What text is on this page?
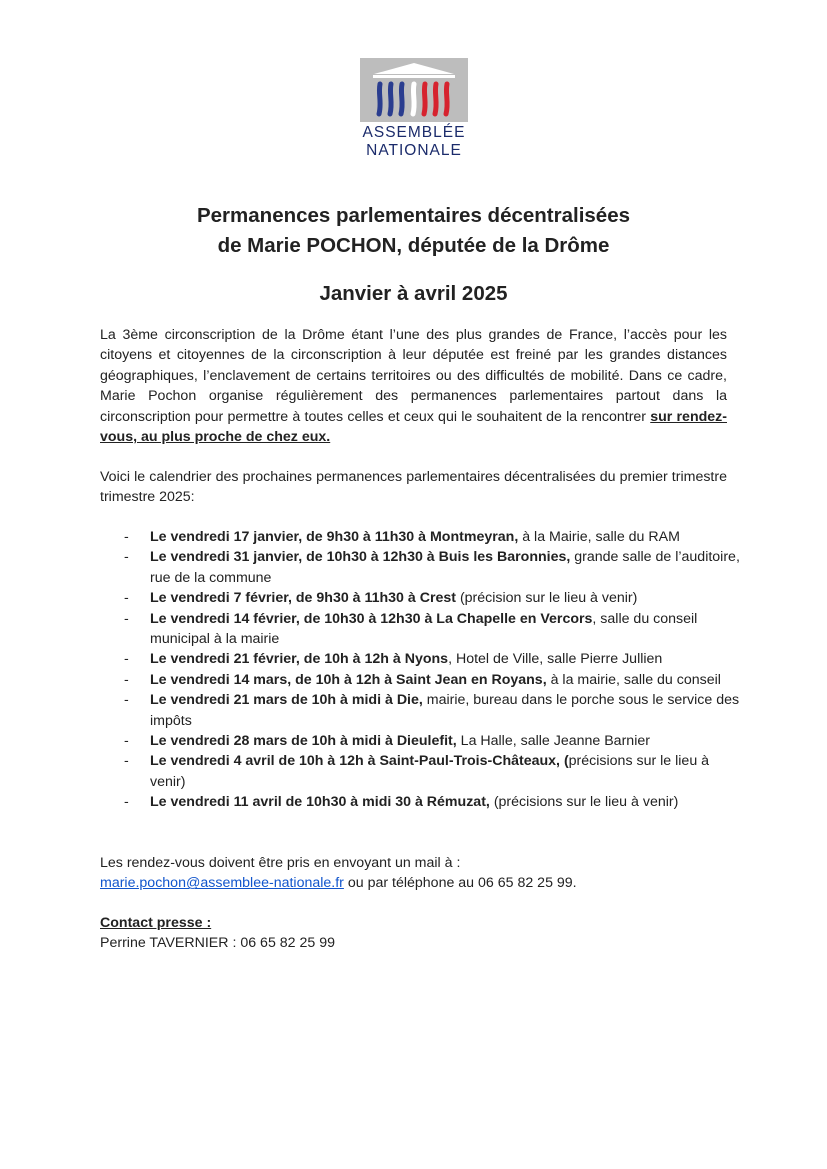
ASSEMBLÉE
NATIONALE
Permanences parlementaires décentralisées
de Marie POCHON, députée de la Drôme
Janvier à avril 2025

La 3ème circonscription de la Drôme étant l’une des plus grandes de France, l’accès pour les citoyens et citoyennes de la circonscription à leur députée est freiné par les grandes distances géographiques, l’enclavement de certains territoires ou des difficultés de mobilité. Dans ce cadre, Marie Pochon organise régulièrement des permanences parlementaires partout dans la circonscription pour permettre à toutes celles et ceux qui le souhaitent de la rencontrer sur rendez-vous, au plus proche de chez eux.

Voici le calendrier des prochaines permanences parlementaires décentralisées du premier trimestre trimestre 2025:

- Le vendredi 17 janvier, de 9h30 à 11h30 à Montmeyran, à la Mairie, salle du RAM
- Le vendredi 31 janvier, de 10h30 à 12h30 à Buis les Baronnies, grande salle de l’auditoire, rue de la commune
- Le vendredi 7 février, de 9h30 à 11h30 à Crest (précision sur le lieu à venir)
- Le vendredi 14 février, de 10h30 à 12h30 à La Chapelle en Vercors, salle du conseil municipal à la mairie
- Le vendredi 21 février, de 10h à 12h à Nyons, Hotel de Ville, salle Pierre Jullien
- Le vendredi 14 mars, de 10h à 12h à Saint Jean en Royans, à la mairie, salle du conseil
- Le vendredi 21 mars de 10h à midi à Die, mairie, bureau dans le porche sous le service des impôts
- Le vendredi 28 mars de 10h à midi à Dieulefit, La Halle, salle Jeanne Barnier
- Le vendredi 4 avril de 10h à 12h à Saint-Paul-Trois-Châteaux, (précisions sur le lieu à venir)
- Le vendredi 11 avril de 10h30 à midi 30 à Rémuzat, (précisions sur le lieu à venir)

Les rendez-vous doivent être pris en envoyant un mail à :
marie.pochon@assemblee-nationale.fr ou par téléphone au 06 65 82 25 99.

Contact presse :

Perrine TAVERNIER : 06 65 82 25 99
